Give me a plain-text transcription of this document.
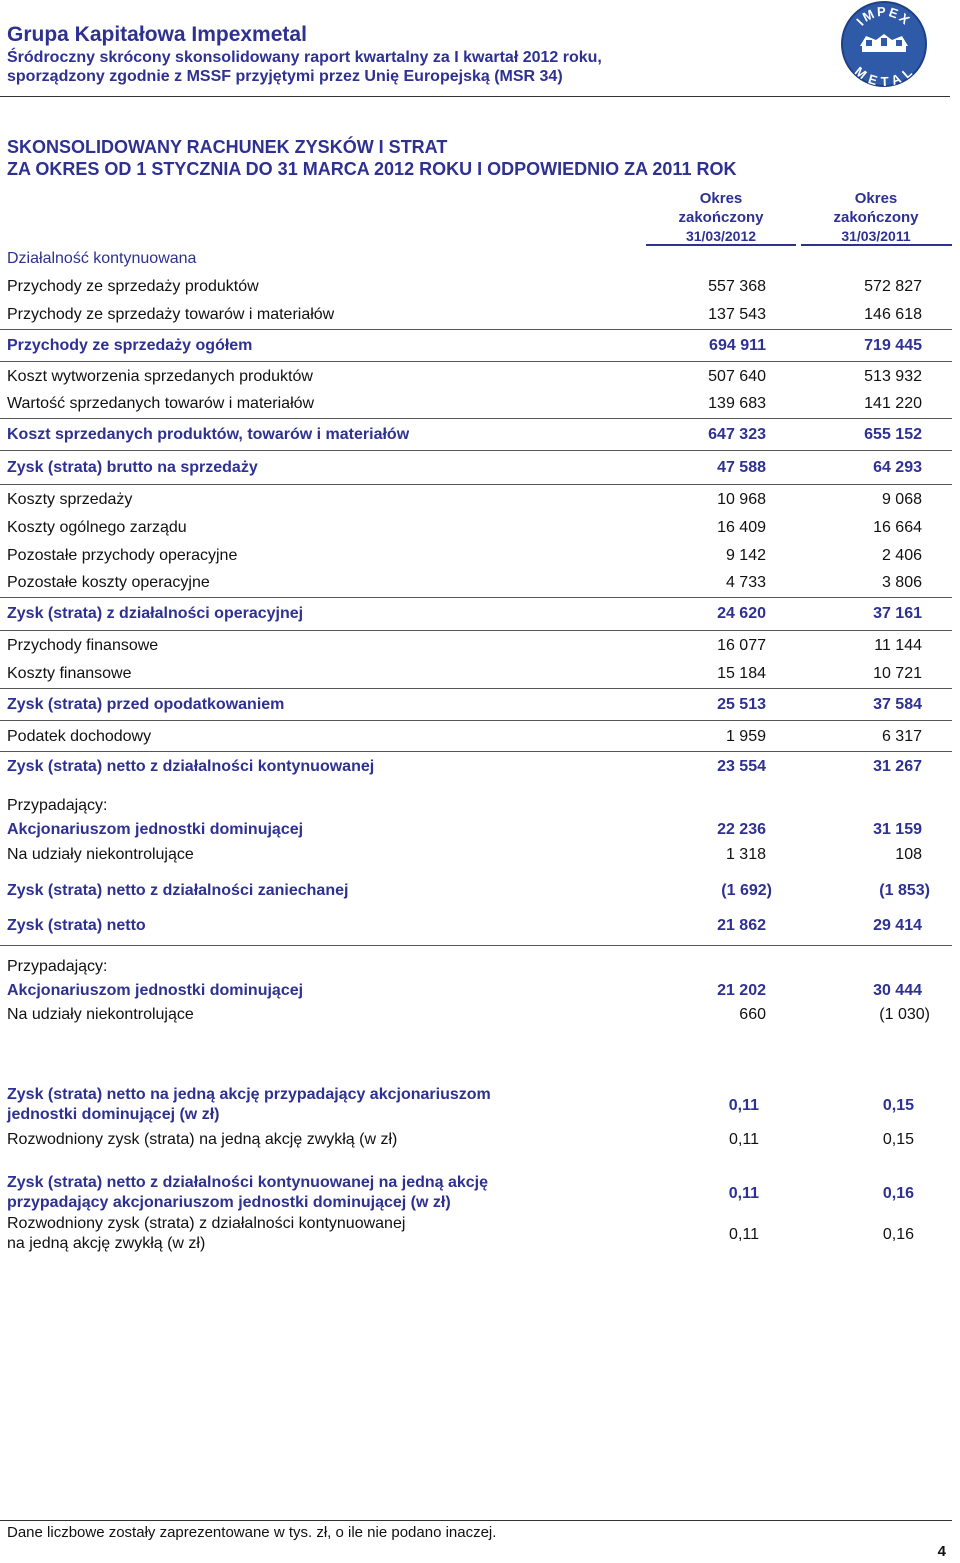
Grupa Kapitałowa Impexmetal
Śródroczny skrócony skonsolidowany raport kwartalny za I kwartał 2012 roku,
sporządzony zgodnie z MSSF przyjętymi przez Unię Europejską (MSR 34)
IMPEX
METAL
SKONSOLIDOWANY RACHUNEK ZYSKÓW I STRAT
ZA OKRES OD 1 STYCZNIA DO 31 MARCA 2012 ROKU I ODPOWIEDNIO ZA 2011 ROK
Okres
zakończony
31/03/2012
Okres
zakończony
31/03/2011
Działalność kontynuowana
Przychody ze sprzedaży produktów	557 368	572 827
Przychody ze sprzedaży towarów i materiałów	137 543	146 618
Przychody ze sprzedaży ogółem	694 911	719 445
Koszt wytworzenia sprzedanych produktów	507 640	513 932
Wartość sprzedanych towarów i materiałów	139 683	141 220
Koszt sprzedanych produktów, towarów i materiałów	647 323	655 152
Zysk (strata) brutto na sprzedaży	47 588	64 293
Koszty sprzedaży	10 968	9 068
Koszty ogólnego zarządu	16 409	16 664
Pozostałe przychody operacyjne	9 142	2 406
Pozostałe koszty operacyjne	4 733	3 806
Zysk (strata) z działalności operacyjnej	24 620	37 161
Przychody finansowe	16 077	11 144
Koszty finansowe	15 184	10 721
Zysk (strata) przed opodatkowaniem	25 513	37 584
Podatek dochodowy	1 959	6 317
Zysk (strata) netto z działalności kontynuowanej	23 554	31 267
Przypadający:
Akcjonariuszom jednostki dominującej	22 236	31 159
Na udziały niekontrolujące	1 318	108
Zysk (strata) netto z działalności zaniechanej	(1 692)	(1 853)
Zysk (strata) netto	21 862	29 414
Przypadający:
Akcjonariuszom jednostki dominującej	21 202	30 444
Na udziały niekontrolujące	660	(1 030)
Zysk (strata) netto na jedną akcję przypadający akcjonariuszom
jednostki dominującej (w zł)
0,11	0,15
Rozwodniony zysk (strata) na jedną akcję zwykłą (w zł)	0,11	0,15
Zysk (strata) netto z działalności kontynuowanej na jedną akcję
przypadający akcjonariuszom jednostki dominującej (w zł)
0,11	0,16
Rozwodniony zysk (strata) z działalności kontynuowanej
na jedną akcję zwykłą (w zł)
0,11	0,16
Dane liczbowe zostały zaprezentowane w tys. zł, o ile nie podano inaczej.
4
